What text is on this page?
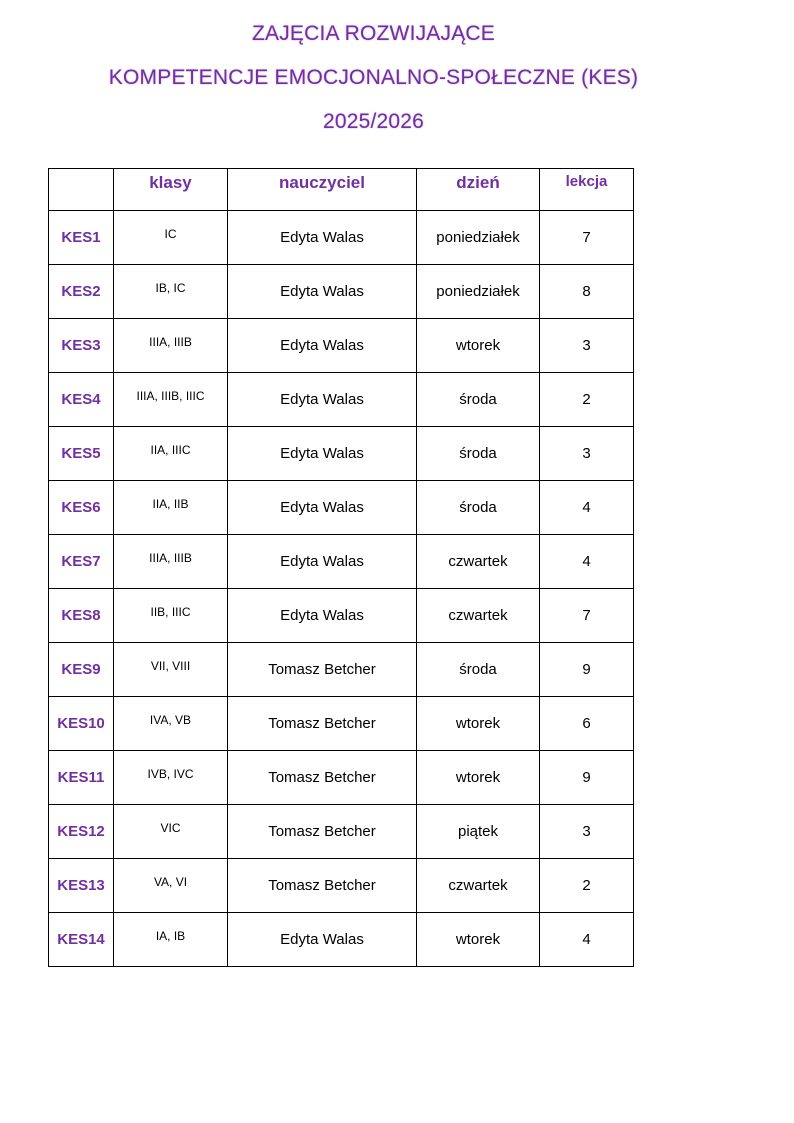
ZAJĘCIA ROZWIJAJĄCE
KOMPETENCJE EMOCJONALNO-SPOŁECZNE (KES)
2025/2026
	klasy	nauczyciel	dzień	lekcja
KES1	IC	Edyta Walas	poniedziałek	7
KES2	IB, IC	Edyta Walas	poniedziałek	8
KES3	IIIA, IIIB	Edyta Walas	wtorek	3
KES4	IIIA, IIIB, IIIC	Edyta Walas	środa	2
KES5	IIA, IIIC	Edyta Walas	środa	3
KES6	IIA, IIB	Edyta Walas	środa	4
KES7	IIIA, IIIB	Edyta Walas	czwartek	4
KES8	IIB, IIIC	Edyta Walas	czwartek	7
KES9	VII, VIII	Tomasz Betcher	środa	9
KES10	IVA, VB	Tomasz Betcher	wtorek	6
KES11	IVB, IVC	Tomasz Betcher	wtorek	9
KES12	VIC	Tomasz Betcher	piątek	3
KES13	VA, VI	Tomasz Betcher	czwartek	2
KES14	IA, IB	Edyta Walas	wtorek	4
